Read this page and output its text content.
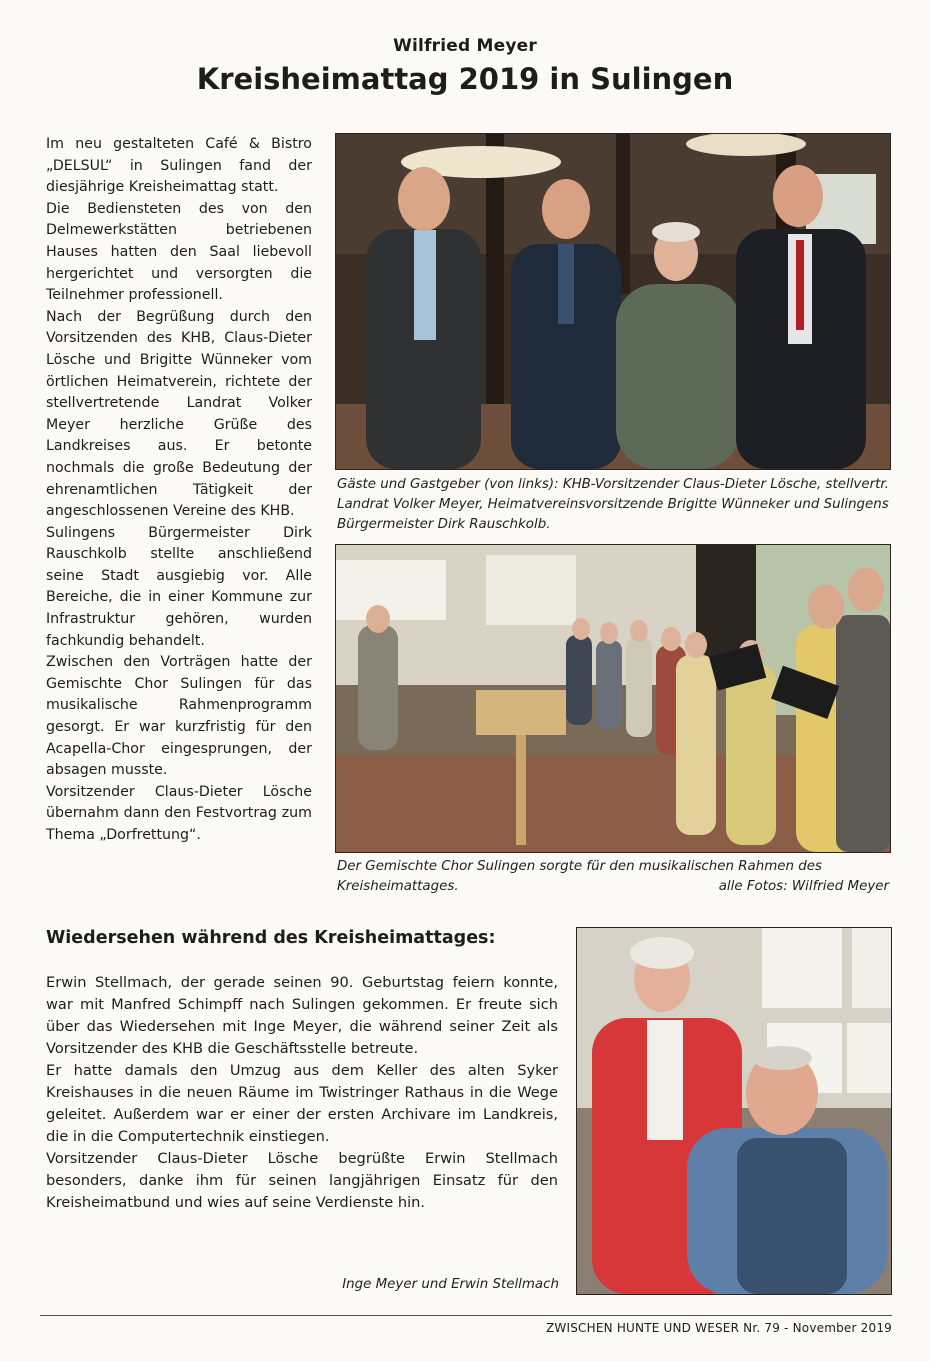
Wilfried Meyer
Kreisheimattag 2019 in Sulingen

Im neu gestalteten Café & Bistro „DELSUL“ in Sulingen fand der diesjährige Kreisheimattag statt.

Die Bediensteten des von den Delmewerkstätten betriebenen Hauses hatten den Saal liebevoll hergerichtet und versorgten die Teilnehmer professionell.

Nach der Begrüßung durch den Vorsitzenden des KHB, Claus-Dieter Lösche und Brigitte Wünneker vom örtlichen Heimatverein, richtete der stellvertretende Landrat Volker Meyer herzliche Grüße des Landkreises aus. Er betonte nochmals die große Bedeutung der ehrenamtlichen Tätigkeit der angeschlossenen Vereine des KHB.

Sulingens Bürgermeister Dirk Rauschkolb stellte anschließend seine Stadt ausgiebig vor. Alle Bereiche, die in einer Kommune zur Infrastruktur gehören, wurden fachkundig behandelt.

Zwischen den Vorträgen hatte der Gemischte Chor Sulingen für das musikalische Rahmenprogramm gesorgt. Er war kurzfristig für den Acapella-Chor eingesprungen, der absagen musste.

Vorsitzender Claus-Dieter Lösche übernahm dann den Festvortrag zum Thema „Dorfrettung“.

Gäste und Gastgeber (von links): KHB-Vorsitzender Claus-Dieter Lösche, stellvertr. Landrat Volker Meyer, Heimatvereinsvorsitzende Brigitte Wünneker und Sulingens Bürgermeister Dirk Rauschkolb.

Der Gemischte Chor Sulingen sorgte für den musikalischen Rahmen des Kreisheimattages.	alle Fotos: Wilfried Meyer

Wiedersehen während des Kreisheimattages:

Erwin Stellmach, der gerade seinen 90. Geburtstag feiern konnte, war mit Manfred Schimpff nach Sulingen gekommen. Er freute sich über das Wiedersehen mit Inge Meyer, die während seiner Zeit als Vorsitzender des KHB die Geschäftsstelle betreute.

Er hatte damals den Umzug aus dem Keller des alten Syker Kreishauses in die neuen Räume im Twistringer Rathaus in die Wege geleitet. Außerdem war er einer der ersten Archivare im Landkreis, die in die Computertechnik einstiegen.

Vorsitzender Claus-Dieter Lösche begrüßte Erwin Stellmach besonders, danke ihm für seinen langjährigen Einsatz für den Kreisheimatbund und wies auf seine Verdienste hin.

Inge Meyer und Erwin Stellmach
ZWISCHEN HUNTE UND WESER Nr. 79 - November 2019
